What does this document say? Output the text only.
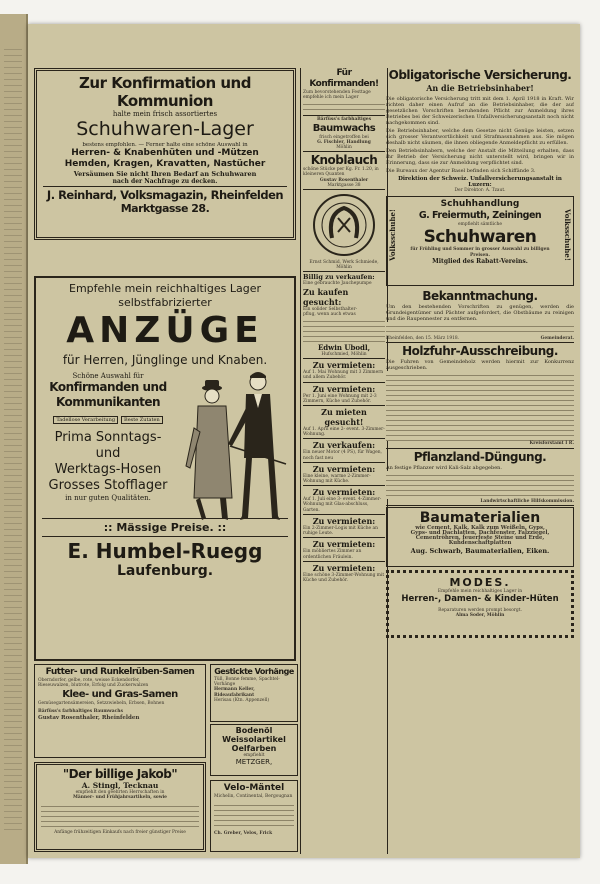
Zur Konfirmation und Kommunion
halte mein frisch assortiertes
Schuhwaren-Lager
bestens empfohlen. — Ferner halte eine schöne Auswahl in
Herren- & Knabenhüten und -Mützen
Hemden, Kragen, Kravatten, Nastücher
Versäumen Sie nicht Ihren Bedarf an Schuhwaren
nach der Nachfrage zu decken.
J. Reinhard, Volksmagazin, Rheinfelden
Marktgasse 28.
Empfehle mein reichhaltiges Lager
selbstfabrizierter
ANZÜGE
für Herren, Jünglinge und Knaben.
Schöne Auswahl für
Konfirmanden und
Kommunikanten
Tadellose Verarbeitung	Beste Zutaten
Prima Sonntags- und
Werktags-Hosen
Grosses Stofflager
in nur guten Qualitäten.
:: Mässige Preise. ::
E. Humbel-Ruegg
Laufenburg.
Futter- und Runkelrüben-Samen
Oberndorfer, gelbe, rote, weisse Eckendorfer,
Rieseuwalzen, blutrote, Erfolg und Zuckerwalzen
Klee- und Gras-Samen
Gemüsegartensämereien, Setzzwiebeln, Erbsen, Bohnen
Bärfüss's farbhaltiges Baumwachs
Gustav Rosenthaler, Rheinfelden
Gestickte Vorhänge
Tüll, Bonne femme, Spachtel-Vorhänge
Hermann Keller, Rideaufabrikant
Herisau (Ktn. Appenzell)
Bodenöl
Weissolartikel
Oelfarben
empfiehlt
METZGER,
"Der billige Jakob"
A. Stingl, Tecknau
empfiehlt den geehrten Herrschaften in
Männer- und Frühjahrsartikeln, sowie
Anfänge frühzeitigen Einkaufs nach freier günstiger Preise
Velo-Mäntel
Michelin, Continental, Bergougnan
Ch. Greber, Velos, Frick
Für Konfirmanden!
Zum bevorstehenden Festtage empfehle ich mein Lager
Bärfüss's farbhaltiges
Baumwachs
frisch eingetroffen bei
G. Fischler, Handlung
Möhlin
Knoblauch
schöne Stücke per Kg. Fr. 1.20, in kleineren Quanten
Gustav Rosenthaler
Marktgasse 38
Ernst Schmid, Werk Schmiede, Möhlin
Billig zu verkaufen:
Eine gebrauchte Jauchepumpe
Zu kaufen gesucht:
Ein solider Selbsthalter-
pflug, wenn auch etwas
Edwin Ubodl,
Hufschmied, Möhlin
Zu vermieten:
Auf 1. Mai Wohnung mit 3 Zimmern und allem Zubehör.
Zu vermieten:
Per 1. Juni eine Wohnung mit 2-3 Zimmern, Küche und Zubehör.
Zu mieten gesucht!
Auf 1. April eine 2- event. 3-Zimmer-Wohnung.
Zu verkaufen:
Ein neuer Motor (4 PS), für Wagen, noch fast neu
Zu vermieten:
Eine kleine, warme 2-Zimmer-Wohnung mit Küche.
Zu vermieten:
Auf 1. Juli eine 3- event. 4-Zimmer-Wohnung mit Glas-abschluss, Garten.
Zu vermieten:
Ein 2-Zimmer-Logis mit Küche an ruhige Leute.
Zu vermieten:
Ein möbliertes Zimmer an ordentlichen Fräulein.
Zu vermieten:
Eine schöne 3-Zimmer-Wohnung mit Küche und Zubehör.
Obligatorische Versicherung.
An die Betriebsinhaber!
Die obligatorische Versicherung tritt mit dem 1. April 1918 in Kraft. Wir richten daher einen Aufruf an die Betriebsinhaber, die der auf gesetzlichen Vorschriften beruhenden Pflicht zur Anmeldung ihres Betriebes bei der Schweizerischen Unfallversicherungsanstalt noch nicht nachgekommen sind.
Die Betriebsinhaber, welche dem Gesetze nicht Genüge leisten, setzen sich grosser Verantwortlichkeit und Strafmassnahmen aus. Sie mögen deshalb nicht säumen, die ihnen obliegende Anmeldepflicht zu erfüllen.
Den Betriebsinhabern, welche der Anstalt die Mitteilung erhalten, dass ihr Betrieb der Versicherung nicht unterstellt wird, bringen wir in Erinnerung, dass sie zur Anmeldung verpflichtet sind.
Die Bureaux der Agentur Basel befinden sich Schiffände 3.
Direktion der Schweiz. Unfallversicherungsanstalt in Luzern:
Der Direktor: A. Tzaut.
Volksschuhe!	Volksschuhe!
Schuhhandlung
G. Freiermuth, Zeiningen
empfiehlt sämtliche
Schuhwaren
für Frühling und Sommer in grosser Auswahl zu billigen Preisen.
Mitglied des Rabatt-Vereins.
Bekanntmachung.
Um den bestehenden Vorschriften zu genügen, werden die Grundeigentümer und Pächter aufgefordert, die Obstbäume zu reinigen und die Raupennester zu entfernen.
Rheinfelden, den 15. März 1918.	Gemeinderat.
Holzfuhr-Ausschreibung.
Die Fuhren von Gemeindeholz werden hiermit zur Konkurrenz ausgeschrieben.
Kreisforstamt I R.
Pflanzland-Düngung.
An festige Pflanzer wird Kali-Salz abgegeben.
Landwirtschaftliche Hilfskommission.
Baumaterialien
wie Cement, Kalk, Kalk zum Weißeln, Gyps,
Gyps- und Dachlatten, Dachfenster, Falzziegel,
Cementröhren, feuerfeste Steine und Erde, Kuhdenschaftplatten
Aug. Schwarb, Baumaterialien, Eiken.
MODES.
Empfehle mein reichhaltiges Lager in
Herren-, Damen- & Kinder-Hüten
Reparaturen werden prompt besorgt.
Alma Soder, Möhlin
